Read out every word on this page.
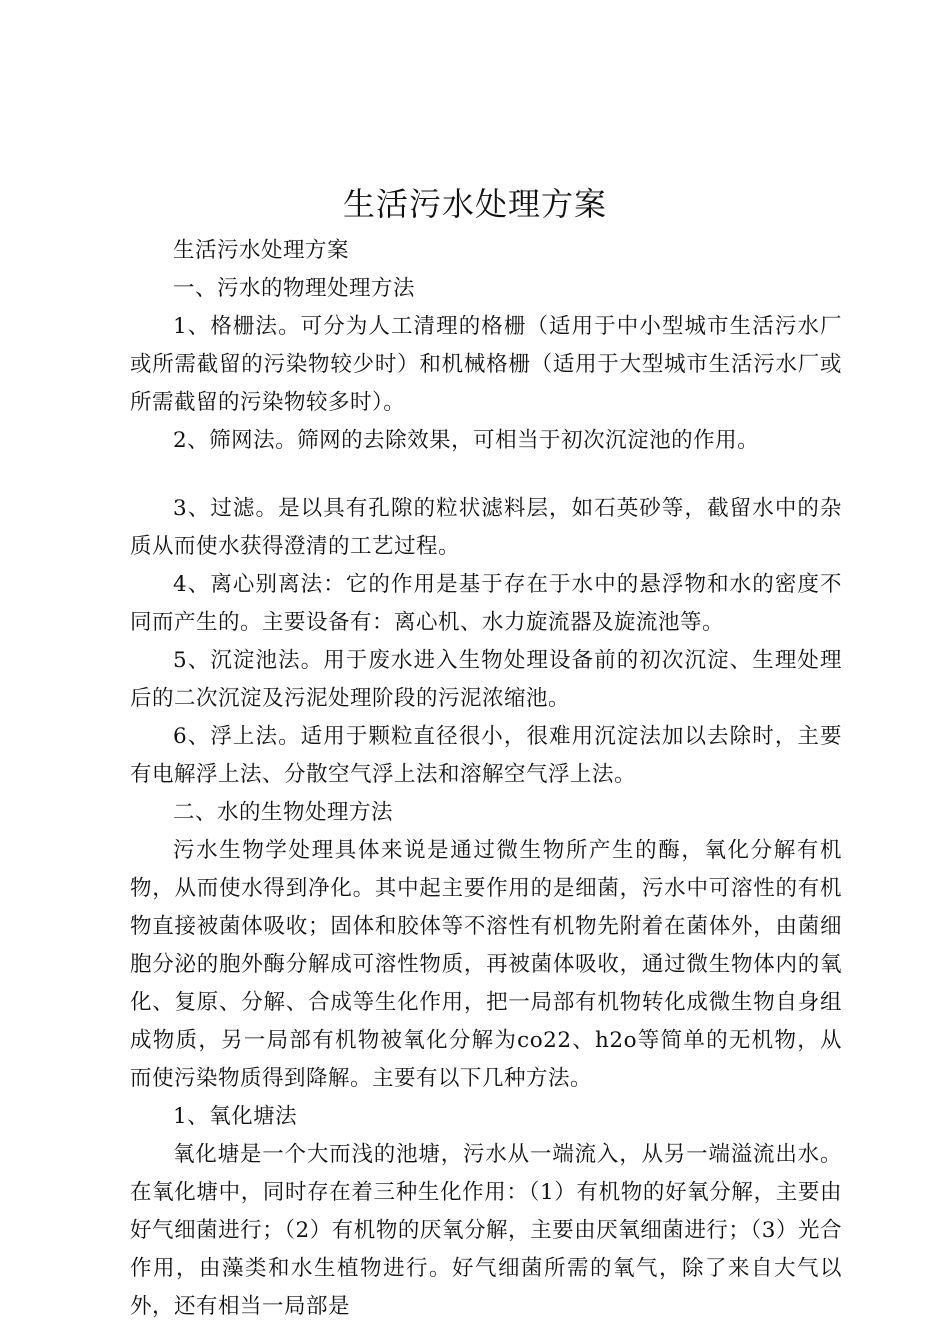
生活污水处理方案

生活污水处理方案

一、污水的物理处理方法

1、格栅法。可分为人工清理的格栅（适用于中小型城市生活污水厂或所需截留的污染物较少时）和机械格栅（适用于大型城市生活污水厂或所需截留的污染物较多时）。

2、筛网法。筛网的去除效果，可相当于初次沉淀池的作用。

3、过滤。是以具有孔隙的粒状滤料层，如石英砂等，截留水中的杂质从而使水获得澄清的工艺过程。

4、离心别离法：它的作用是基于存在于水中的悬浮物和水的密度不同而产生的。主要设备有：离心机、水力旋流器及旋流池等。

5、沉淀池法。用于废水进入生物处理设备前的初次沉淀、生理处理后的二次沉淀及污泥处理阶段的污泥浓缩池。

6、浮上法。适用于颗粒直径很小，很难用沉淀法加以去除时，主要有电解浮上法、分散空气浮上法和溶解空气浮上法。

二、水的生物处理方法

污水生物学处理具体来说是通过微生物所产生的酶，氧化分解有机物，从而使水得到净化。其中起主要作用的是细菌，污水中可溶性的有机物直接被菌体吸收；固体和胶体等不溶性有机物先附着在菌体外，由菌细胞分泌的胞外酶分解成可溶性物质，再被菌体吸收，通过微生物体内的氧化、复原、分解、合成等生化作用，把一局部有机物转化成微生物自身组成物质，另一局部有机物被氧化分解为co22、h2o等简单的无机物，从而使污染物质得到降解。主要有以下几种方法。

1、氧化塘法

氧化塘是一个大而浅的池塘，污水从一端流入，从另一端溢流出水。在氧化塘中，同时存在着三种生化作用：（1）有机物的好氧分解，主要由好气细菌进行；（2）有机物的厌氧分解，主要由厌氧细菌进行；（3）光合作用，由藻类和水生植物进行。好气细菌所需的氧气，除了来自大气以外，还有相当一局部是
